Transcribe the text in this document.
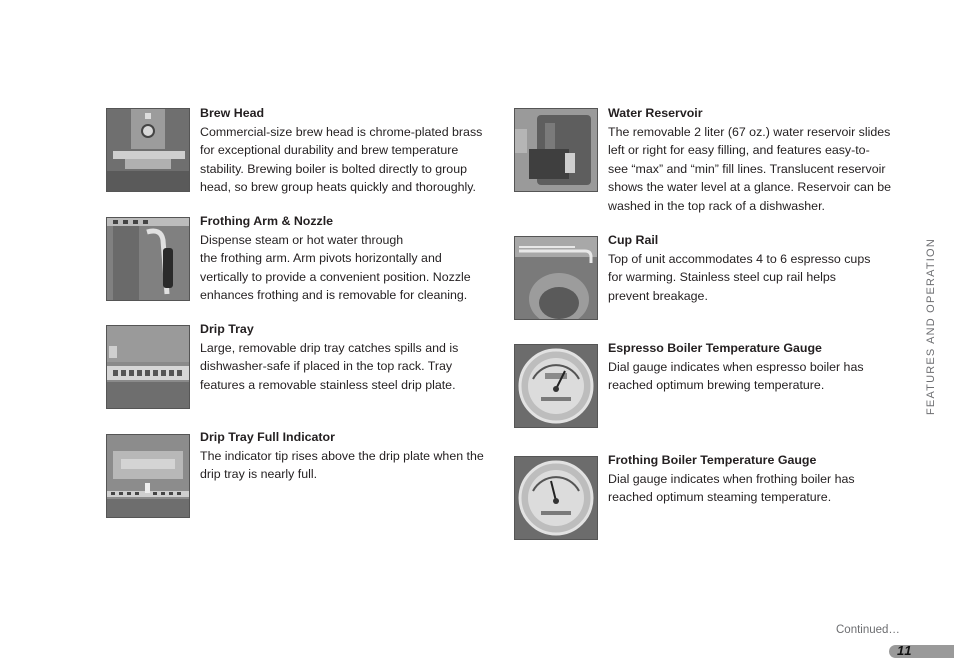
Brew Head
Commercial-size brew head is chrome-plated brass
for exceptional durability and brew temperature
stability. Brewing boiler is bolted directly to group
head, so brew group heats quickly and thoroughly.
Frothing Arm & Nozzle
Dispense steam or hot water through
the frothing arm. Arm pivots horizontally and
vertically to provide a convenient position. Nozzle
enhances frothing and is removable for cleaning.
Drip Tray
Large, removable drip tray catches spills and is
dishwasher-safe if placed in the top rack. Tray
features a removable stainless steel drip plate.
Drip Tray Full Indicator
The indicator tip rises above the drip plate when the
drip tray is nearly full.
Water Reservoir
The removable 2 liter (67 oz.) water reservoir slides
left or right for easy filling, and features easy-to-
see “max” and “min” fill lines. Translucent reservoir
shows the water level at a glance. Reservoir can be
washed in the top rack of a dishwasher.
Cup Rail
Top of unit accommodates 4 to 6 espresso cups
for warming. Stainless steel cup rail helps
prevent breakage.
Espresso Boiler Temperature Gauge
Dial gauge indicates when espresso boiler has
reached optimum brewing temperature.
Frothing Boiler Temperature Gauge
Dial gauge indicates when frothing boiler has
reached optimum steaming temperature.
FEATURES AND OPERATION
Continued…
11
